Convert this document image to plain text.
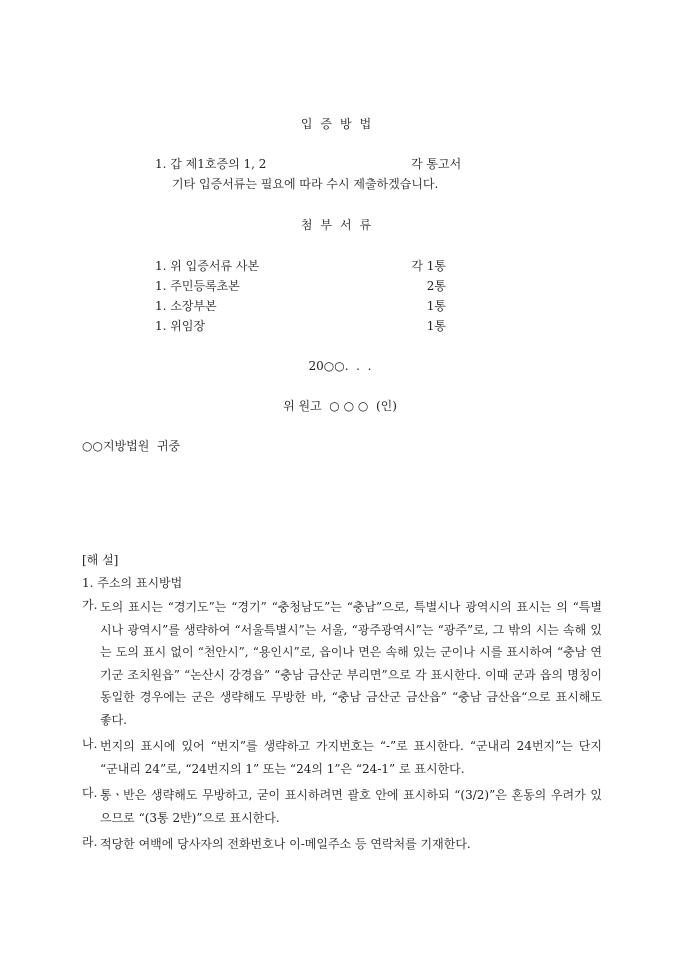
입증방법
1. 갑 제1호증의 1, 2	각 통고서
기타 입증서류는 필요에 따라 수시 제출하겠습니다.
첨부서류
1. 위 입증서류 사본	각 1통
1. 주민등록초본	2통
1. 소장부본	1통
1. 위임장	1통
20○○.  .  .
위 원고  ○ ○ ○  (인)
○○지방법원  귀중
[해 설]
1. 주소의 표시방법
가. 도의 표시는 “경기도”는 “경기” “충청남도”는 “충남”으로, 특별시나 광역시의 표시는 의 “특별시나 광역시”를 생략하여 “서울특별시”는 서울, “광주광역시”는 “광주”로, 그 밖의 시는 속해 있는 도의 표시 없이 “천안시”, “용인시”로, 읍이나 면은 속해 있는 군이나 시를 표시하여 “충남 연기군 조치원읍” “논산시 강경읍” “충남 금산군 부리면”으로 각 표시한다. 이때 군과 읍의 명칭이 동일한 경우에는 군은 생략해도 무방한 바, “충남 금산군 금산읍” “충남 금산읍“으로 표시해도 좋다.
나. 번지의 표시에 있어 “번지”를 생략하고 가지번호는 “-”로 표시한다. “군내리 24번지”는 단지 “군내리 24”로, “24번지의 1” 또는 “24의 1”은 “24-1” 로 표시한다.
다. 통ㆍ반은 생략해도 무방하고, 굳이 표시하려면 괄호 안에 표시하되 “(3/2)”은 혼동의 우려가 있으므로 “(3통 2반)”으로 표시한다.
라. 적당한 여백에 당사자의 전화번호나 이-메일주소 등 연락처를 기재한다.
